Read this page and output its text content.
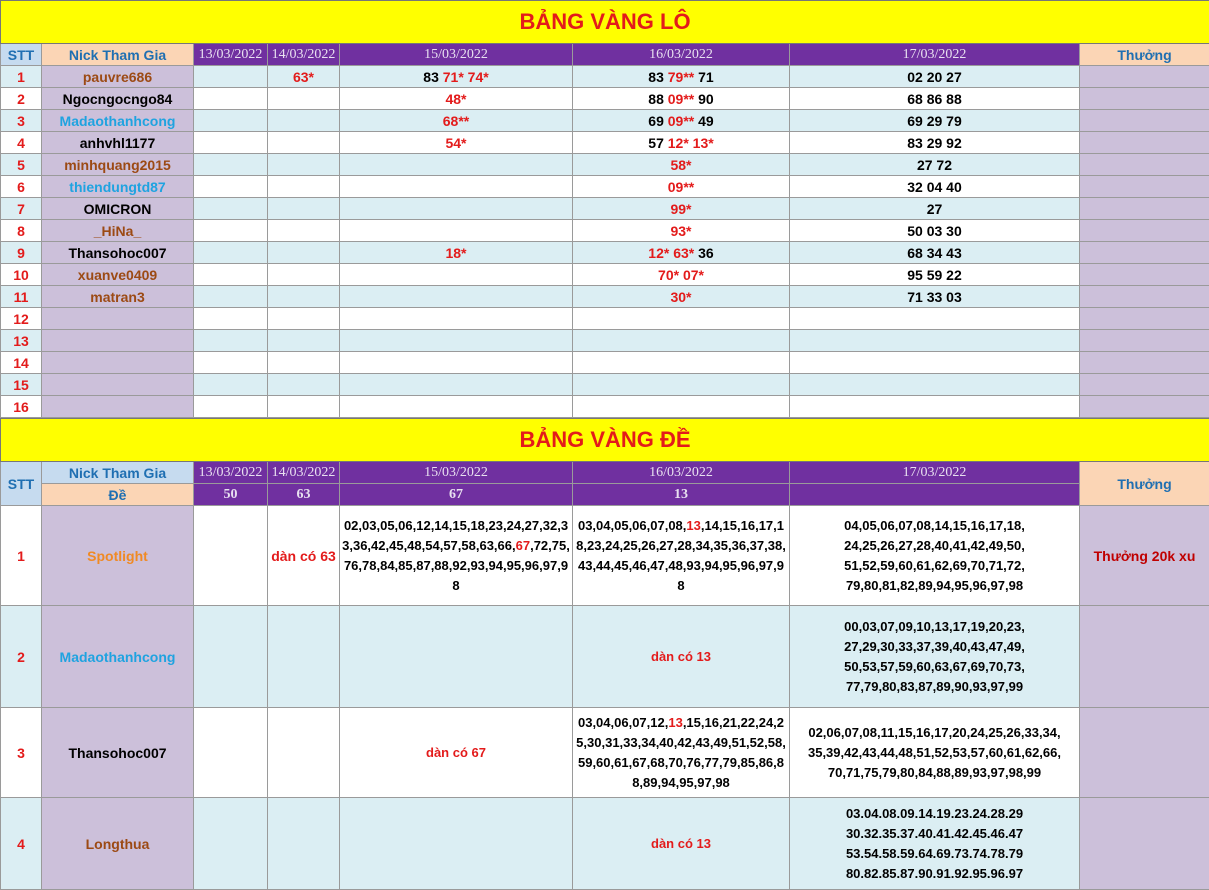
BẢNG VÀNG LÔ							
STT	Nick Tham Gia	13/03/2022	14/03/2022	15/03/2022	16/03/2022	17/03/2022	Thưởng
1	pauvre686		63*	83 71* 74*	83 79** 71	02 20 27	
2	Ngocngocngo84			48*	88 09** 90	68 86 88	
3	Madaothanhcong			68**	69 09** 49	69 29 79	
4	anhvhl1177			54*	57 12* 13*	83 29 92	
5	minhquang2015				58*	27 72	
6	thiendungtd87				09**	32 04 40	
7	OMICRON				99*	27	
8	_HiNa_				93*	50 03 30	
9	Thansohoc007			18*	12* 63* 36	68 34 43	
10	xuanve0409				70* 07*	95 59 22	
11	matran3				30*	71 33 03	
12							
13							
14							
15							
16							
BẢNG VÀNG ĐỀ							
STT	Nick Tham Gia	13/03/2022	14/03/2022	15/03/2022	16/03/2022	17/03/2022	Thưởng
	Đề	50	63	67	13		
1	Spotlight		dàn có 63	02,03,05,06,12,14,15,18,23,24,27,32,33,36,42,45,48,54,57,58,63,66,67,72,75,76,78,84,85,87,88,92,93,94,95,96,97,98	03,04,05,06,07,08,13,14,15,16,17,18,23,24,25,26,27,28,34,35,36,37,38,43,44,45,46,47,48,93,94,95,96,97,98	04,05,06,07,08,14,15,16,17,18, 24,25,26,27,28,40,41,42,49,50, 51,52,59,60,61,62,69,70,71,72, 79,80,81,82,89,94,95,96,97,98	Thưởng 20k xu
2	Madaothanhcong				dàn có 13	00,03,07,09,10,13,17,19,20,23, 27,29,30,33,37,39,40,43,47,49, 50,53,57,59,60,63,67,69,70,73, 77,79,80,83,87,89,90,93,97,99	
3	Thansohoc007			dàn có 67	03,04,06,07,12,13,15,16,21,22,24,25,30,31,33,34,40,42,43,49,51,52,58,59,60,61,67,68,70,76,77,79,85,86,88,89,94,95,97,98	02,06,07,08,11,15,16,17,20,24,25,26,33,34, 35,39,42,43,44,48,51,52,53,57,60,61,62,66, 70,71,75,79,80,84,88,89,93,97,98,99	
4	Longthua				dàn có 13	03.04.08.09.14.19.23.24.28.29 30.32.35.37.40.41.42.45.46.47 53.54.58.59.64.69.73.74.78.79 80.82.85.87.90.91.92.95.96.97	
